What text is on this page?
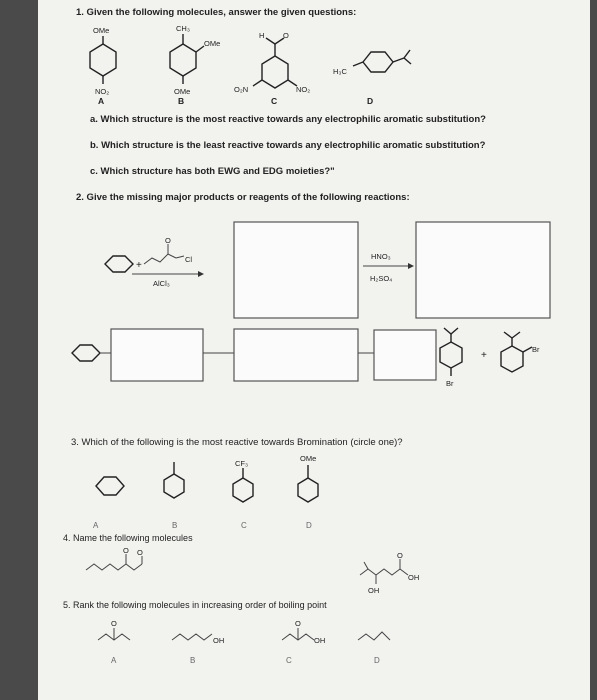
1. Given the following molecules, answer the given questions:
OMe
NO₂
A
CH₃
OMe
OMe
B
H O
O₂N	NO₂
C
H₃C
D
a. Which structure is the most reactive towards any electrophilic aromatic substitution?
b. Which structure is the least reactive towards any electrophilic aromatic substitution?
c. Which structure has both EWG and EDG moieties?"
2. Give the missing major products or reagents of the following reactions:
+
O
Cl
AlCl₃
HNO₃
H₂SO₄
Br
+
Br
3. Which of the following is the most reactive towards Bromination (circle one)?
CF₃
OMe
A	B	C	D
4. Name the following molecules
O O	O
OH
OH
5. Rank the following molecules in increasing order of boiling point
O
OH
O
OH
A	B	C	D
